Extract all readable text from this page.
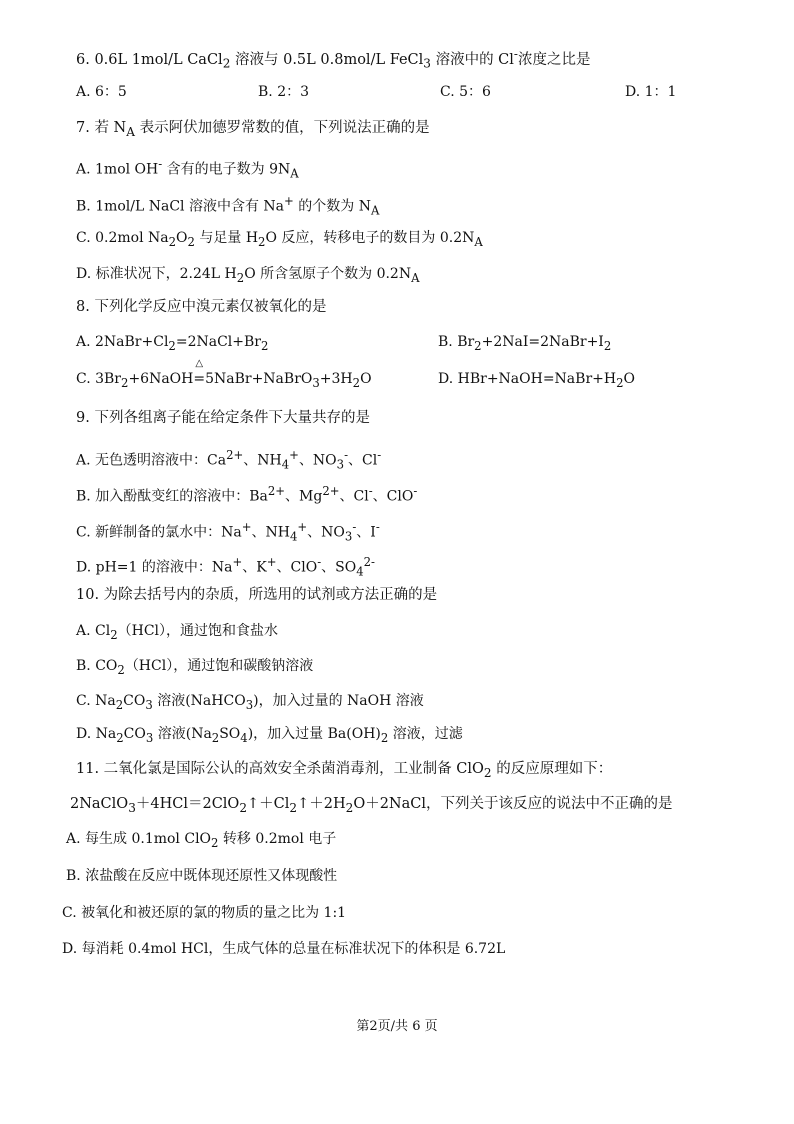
6. 0.6L 1mol/L CaCl$_2$ 溶液与 0.5L 0.8mol/L FeCl$_3$ 溶液中的 Cl-浓度之比是
A. 6：5	B. 2：3	C. 5：6	D. 1：1
7. 若 $N_A$ 表示阿伏加德罗常数的值，下列说法正确的是
A. 1mol OH- 含有的电子数为 $9N_A$
B. 1mol/L NaCl 溶液中含有 Na+ 的个数为 $N_A$
C. 0.2mol $Na_2O_2$ 与足量 $H_2O$ 反应，转移电子的数目为 $0.2N_A$
D. 标准状况下，2.24L $H_2O$ 所含氢原子个数为 $0.2N_A$
8. 下列化学反应中溴元素仅被氧化的是
A. $2NaBr+Cl_2=2NaCl+Br_2$	B. $Br_2+2NaI=2NaBr+I_2$
C. $3Br_2+6NaOH$
△
$=5NaBr+NaBrO_3+3H_2O$	D. $HBr+NaOH=NaBr+H_2O$
9. 下列各组离子能在给定条件下大量共存的是
A. 无色透明溶液中：$Ca^{2+}$、$NH_4^+$、$NO_3^-$、Cl-
B. 加入酚酞变红的溶液中：$Ba^{2+}$、$Mg^{2+}$、Cl-、ClO-
C. 新鲜制备的氯水中：Na+、$NH_4^+$、$NO_3^-$、I-
D. pH=1 的溶液中：Na+、K+、ClO-、$SO_4^{2-}$
10. 为除去括号内的杂质，所选用的试剂或方法正确的是
A. $Cl_2(HCl)$，通过饱和食盐水
B. $CO_2(HCl)$，通过饱和碳酸钠溶液
C. $Na_2CO_3$ 溶液(NaHCO$_3$)，加入过量的 NaOH 溶液
D. $Na_2CO_3$ 溶液$(Na_2SO_4)$，加入过量 $Ba(OH)_2$ 溶液，过滤
11. 二氧化氯是国际公认的高效安全杀菌消毒剂，工业制备 ClO$_2$ 的反应原理如下：
$2NaClO_3+4HCl=2ClO_2↑+Cl_2↑+2H_2O+2NaCl$，下列关于该反应的说法中不正确的是
A. 每生成 0.1mol ClO$_2$ 转移 0.2mol 电子
B. 浓盐酸在反应中既体现还原性又体现酸性
C. 被氧化和被还原的氯的物质的量之比为 1:1
D. 每消耗 0.4mol HCl，生成气体的总量在标准状况下的体积是 6.72L
第2页/共 6 页
